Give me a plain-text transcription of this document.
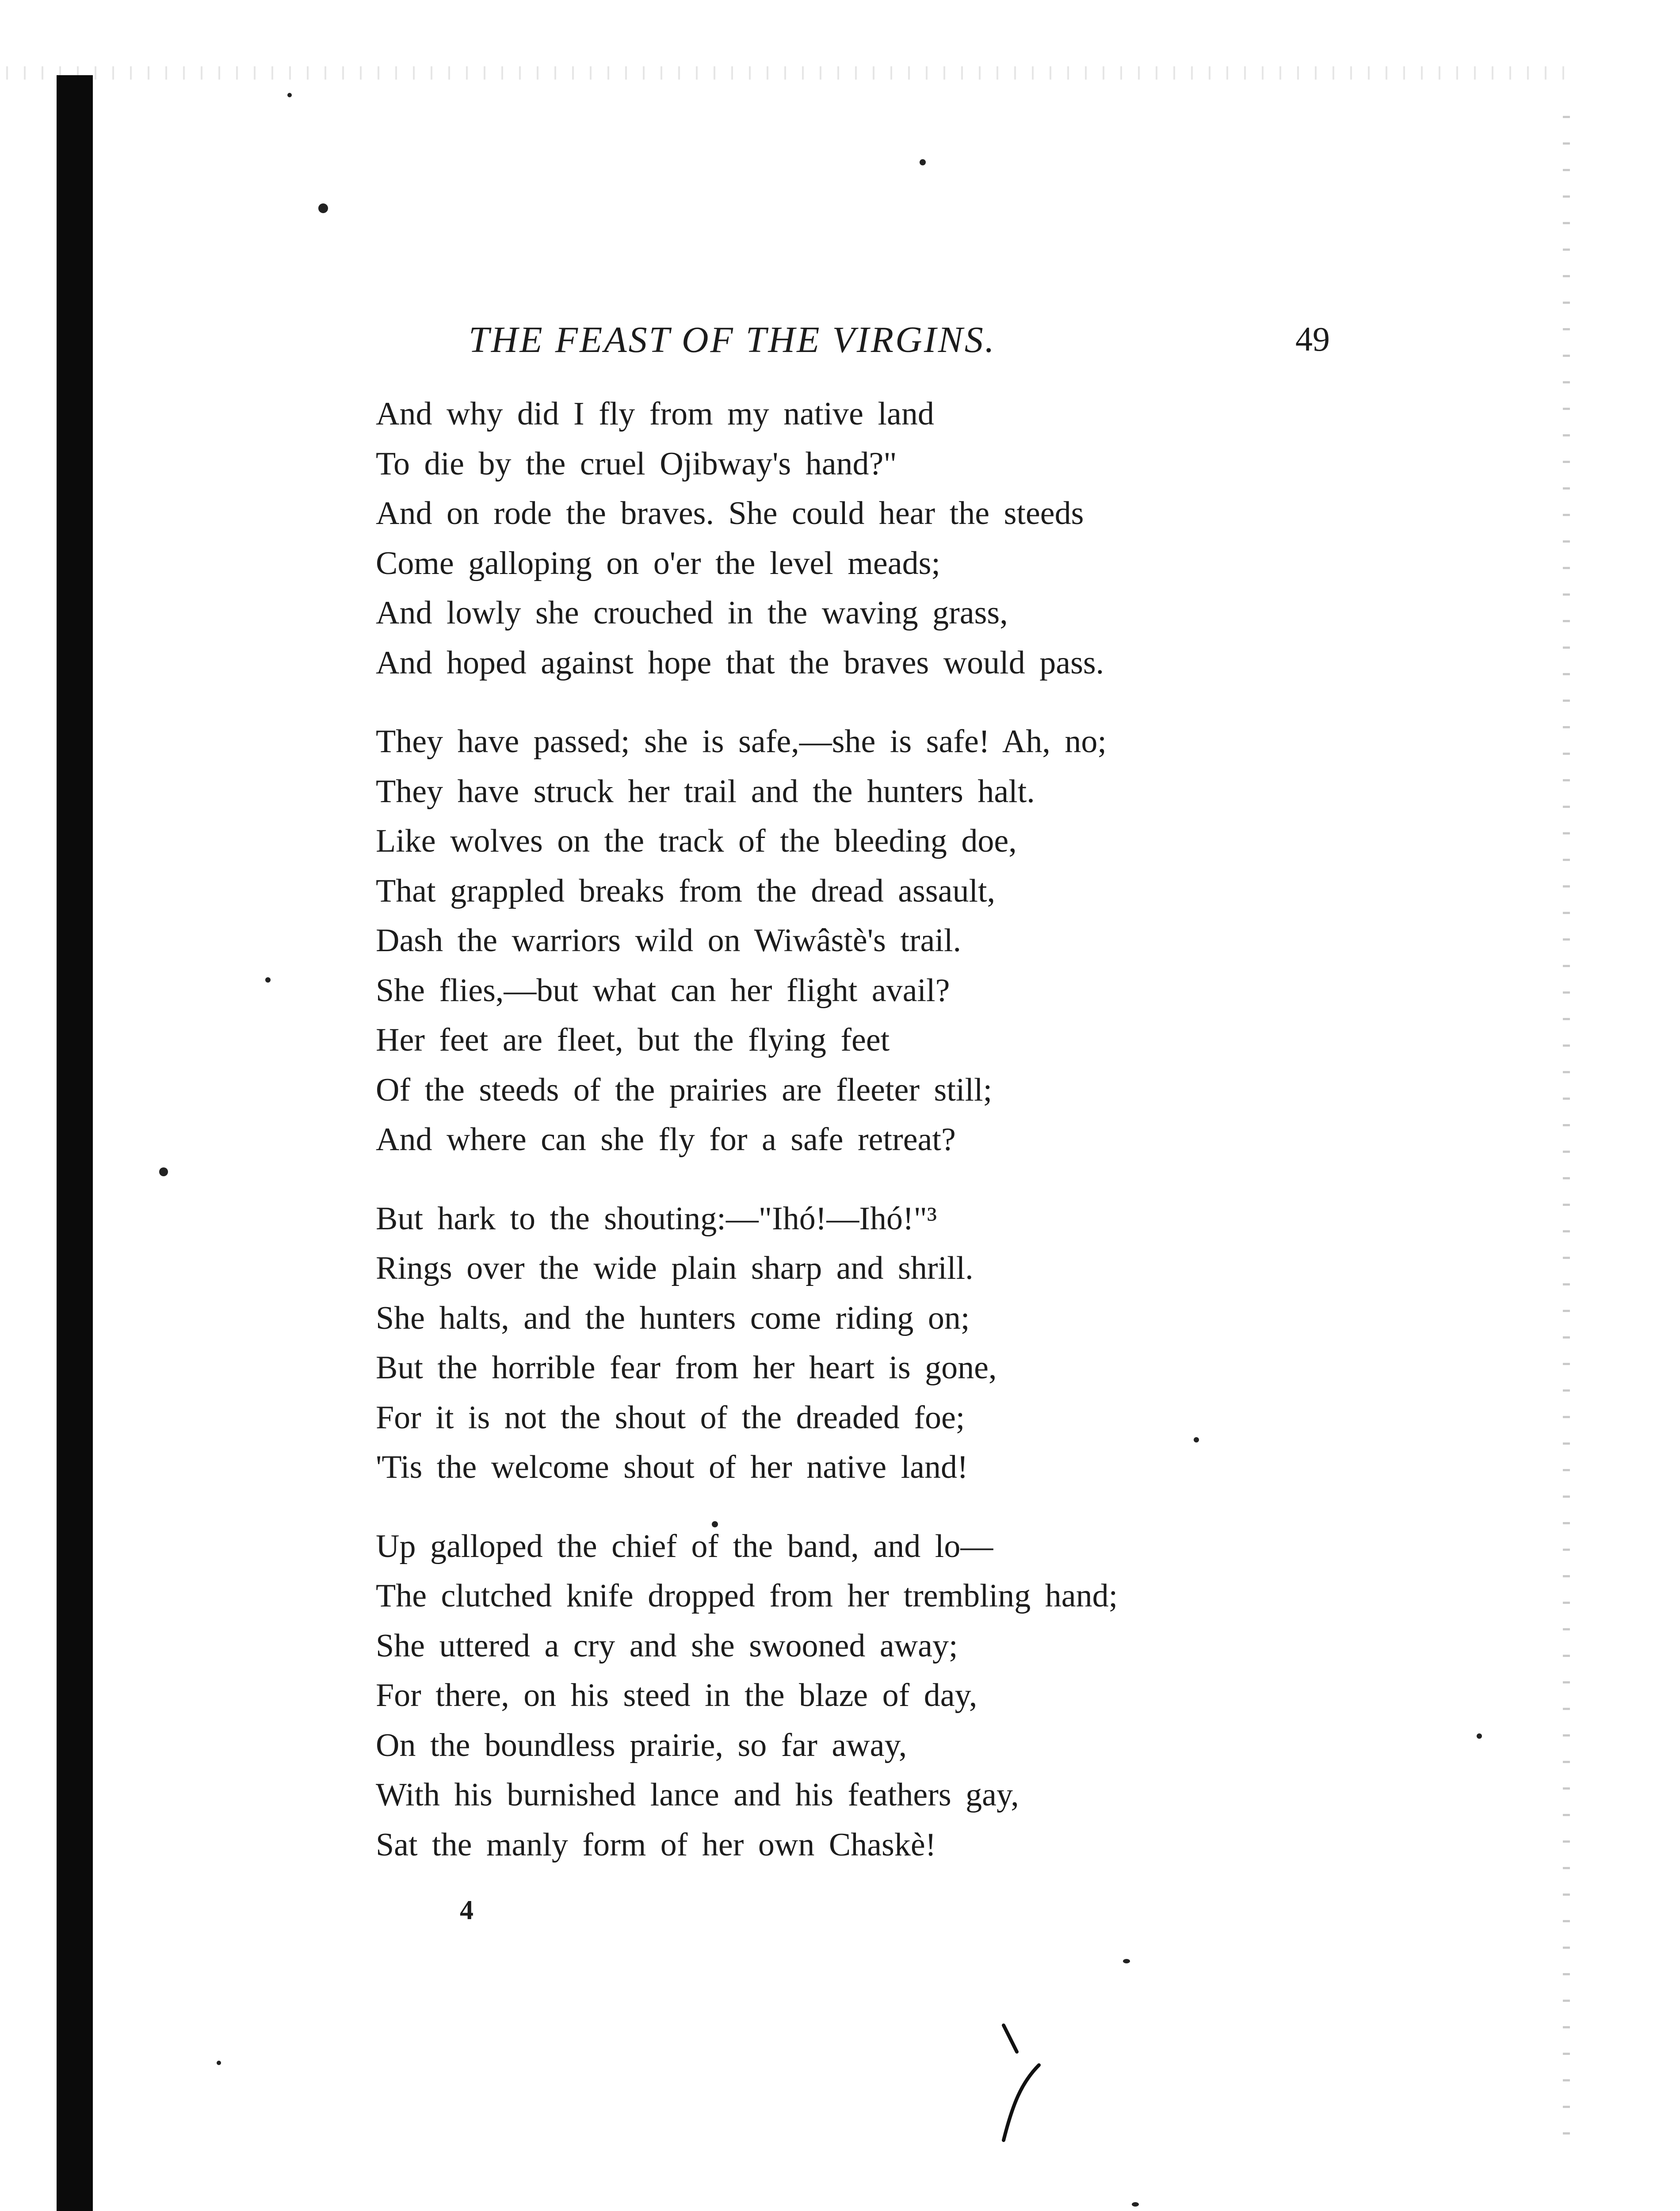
THE FEAST OF THE VIRGINS.	49
And why did I fly from my native land
To die by the cruel Ojibway's hand?"
And on rode the braves. She could hear the steeds
Come galloping on o'er the level meads;
And lowly she crouched in the waving grass,
And hoped against hope that the braves would pass.
They have passed; she is safe,—she is safe! Ah, no;
They have struck her trail and the hunters halt.
Like wolves on the track of the bleeding doe,
That grappled breaks from the dread assault,
Dash the warriors wild on Wiwâstè's trail.
She flies,—but what can her flight avail?
Her feet are fleet, but the flying feet
Of the steeds of the prairies are fleeter still;
And where can she fly for a safe retreat?
But hark to the shouting:—"Ihó!—Ihó!"³
Rings over the wide plain sharp and shrill.
She halts, and the hunters come riding on;
But the horrible fear from her heart is gone,
For it is not the shout of the dreaded foe;
'Tis the welcome shout of her native land!
Up galloped the chief of the band, and lo—
The clutched knife dropped from her trembling hand;
She uttered a cry and she swooned away;
For there, on his steed in the blaze of day,
On the boundless prairie, so far away,
With his burnished lance and his feathers gay,
Sat the manly form of her own Chaskè!
4
